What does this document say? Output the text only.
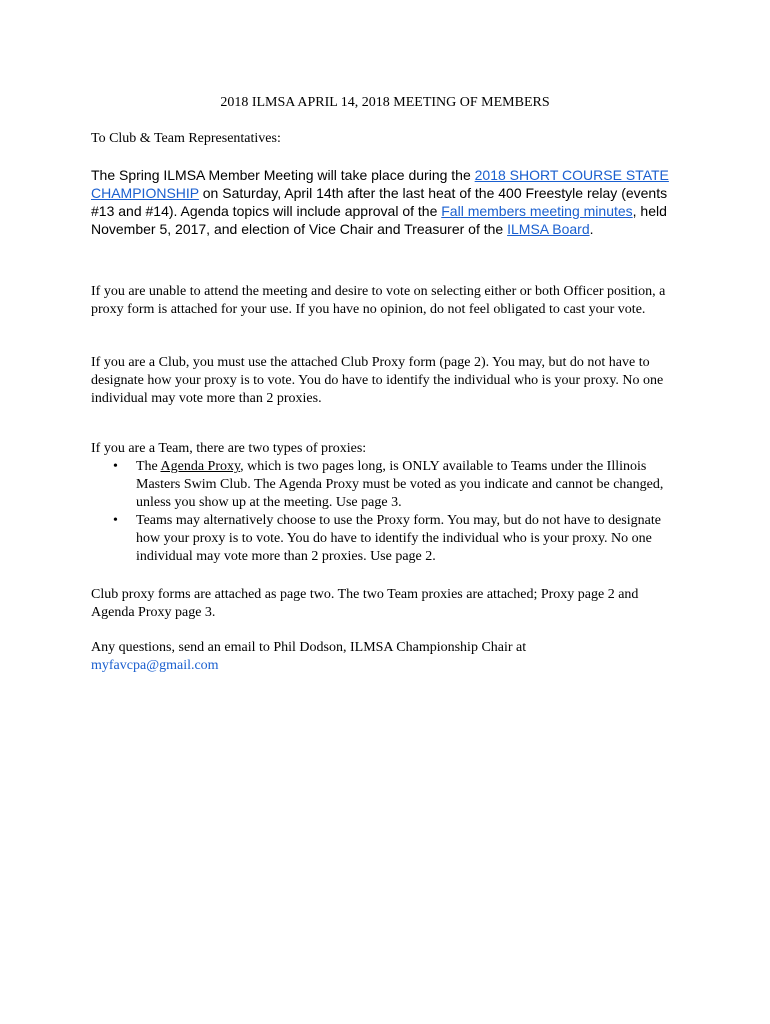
2018 ILMSA APRIL 14, 2018 MEETING OF MEMBERS

To Club & Team Representatives:

The Spring ILMSA Member Meeting will take place during the 2018 SHORT COURSE STATE CHAMPIONSHIP on Saturday, April 14th after the last heat of the 400 Freestyle relay (events #13 and #14). Agenda topics will include approval of the Fall members meeting minutes, held November 5, 2017, and election of Vice Chair and Treasurer of the ILMSA Board.

If you are unable to attend the meeting and desire to vote on selecting either or both Officer position, a proxy form is attached for your use. If you have no opinion, do not feel obligated to cast your vote.

If you are a Club, you must use the attached Club Proxy form (page 2). You may, but do not have to designate how your proxy is to vote. You do have to identify the individual who is your proxy. No one individual may vote more than 2 proxies.

If you are a Team, there are two types of proxies:

• The Agenda Proxy, which is two pages long, is ONLY available to Teams under the Illinois Masters Swim Club. The Agenda Proxy must be voted as you indicate and cannot be changed, unless you show up at the meeting. Use page 3.
• Teams may alternatively choose to use the Proxy form. You may, but do not have to designate how your proxy is to vote. You do have to identify the individual who is your proxy. No one individual may vote more than 2 proxies. Use page 2.

Club proxy forms are attached as page two. The two Team proxies are attached; Proxy page 2 and Agenda Proxy page 3.

Any questions, send an email to Phil Dodson, ILMSA Championship Chair at
myfavcpa@gmail.com
